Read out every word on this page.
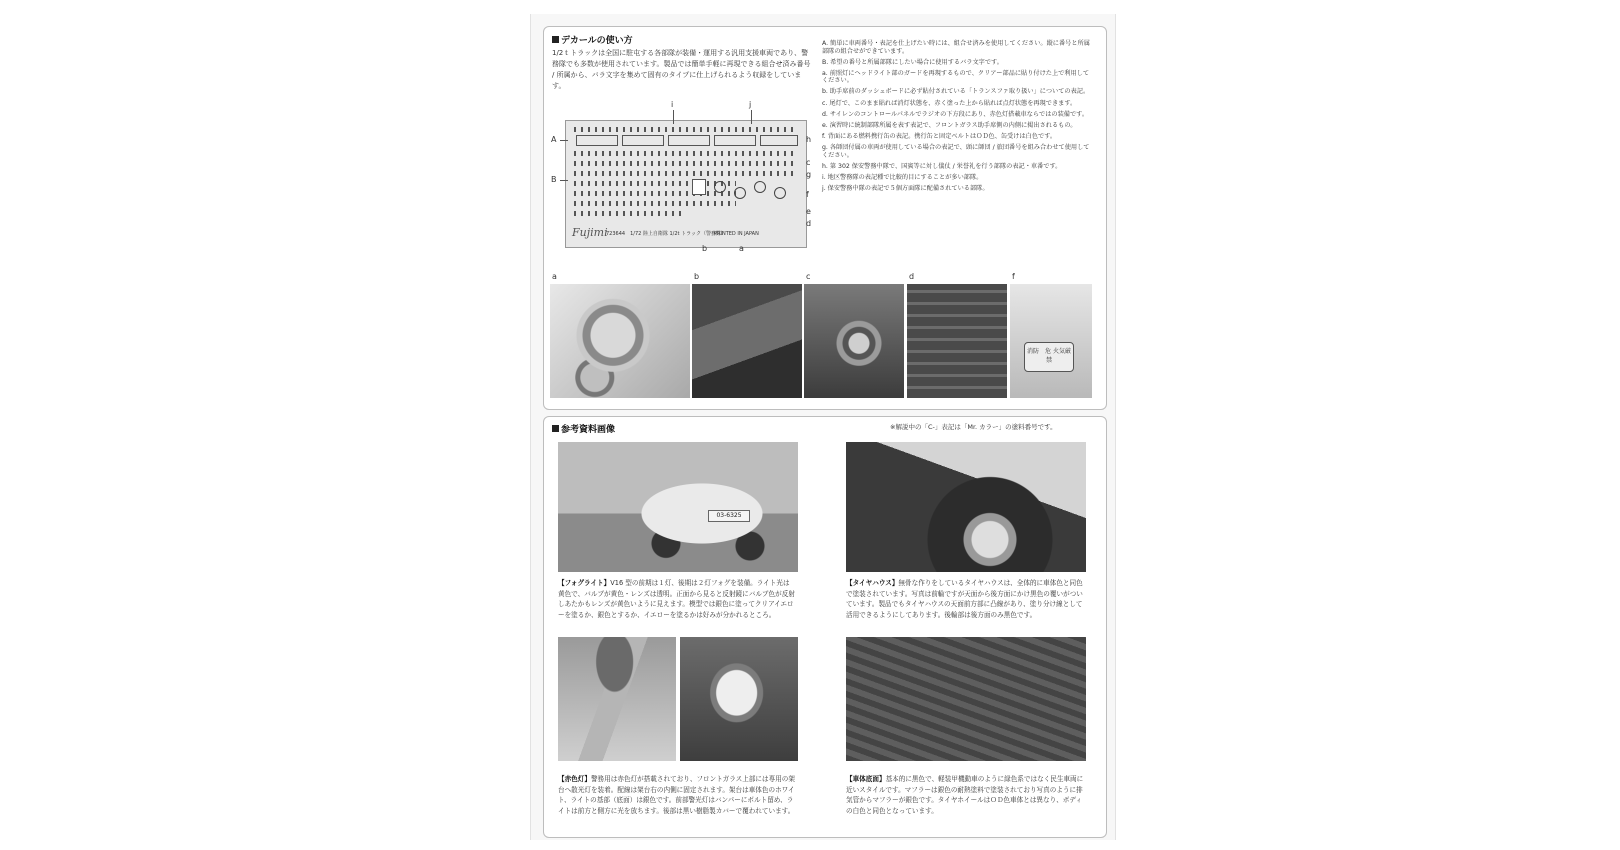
デカールの使い方
1/2ｔトラックは全国に駐屯する各部隊が装備・運用する汎用支援車両であり、警務隊でも多数が使用されています。製品では簡単手軽に再現できる組合せ済み番号 / 所属から、バラ文字を集めて固有のタイプに仕上げられるよう収録をしています。
Fujimi
723644　1/72 陸上自衛隊 1/2t トラック（警務隊）
PRINTED IN JAPAN
A
B
i	j
h
c
g
f
e
d
b	a
A. 簡単に車両番号・表記を仕上げたい時には、組合せ済みを使用してください。縦に番号と所属部隊の組合せができています。
B. 希望の番号と所属部隊にしたい場合に使用するバラ文字です。
a. 前照灯にヘッドライト部のガードを再現するもので、クリアー部品に貼り付けた上で利用してください。
b. 助手席前のダッシュボードに必ず貼付されている「トランスファ取り扱い」についての表記。
c. 尾灯で、このまま貼れば消灯状態を、赤く塗った上から貼れば点灯状態を再現できます。
d. サイレンのコントロールパネルでラジオの下方段にあり、赤色灯搭載車ならではの装備です。
e. 演習時に統制部隊所属を表す表記で、フロントガラス助手席側の内側に掲出されるもの。
f. 背面にある燃料携行缶の表記。携行缶と固定ベルトはＯＤ色、缶受けは白色です。
g. 各師団付属の車両が使用している場合の表記で、頭に師団 / 旅団番号を組み合わせて使用してください。
h. 第 302 保安警務中隊で、国賓等に対し儀仗 / 栄誉礼を行う部隊の表記・車番です。
i. 地区警務隊の表記種で比較的目にすることが多い部隊。
j. 保安警務中隊の表記で５個方面隊に配備されている部隊。
a	b	c	d	f
消防　危 火気厳禁
参考資料画像	※解説中の「C-」表記は「Mr. カラー」の塗料番号です。
03-6325
【フォグライト】V16 型の前期は１灯、後期は２灯フォグを装備。ライト光は黄色で、バルブが黄色・レンズは透明。正面から見ると反射鏡にバルブ色が反射しあたかもレンズが黄色いように見えます。模型では銀色に塗ってクリアイエローを塗るか、銀色とするか、イエローを塗るかは好みが分かれるところ。
【タイヤハウス】無骨な作りをしているタイヤハウスは、全体的に車体色と同色で塗装されています。写真は前輪ですが天面から後方面にかけ黒色の覆いがついています。製品でもタイヤハウスの天面前方部に凸線があり、塗り分け線として活用できるようにしてあります。後輪部は後方面のみ黒色です。
【赤色灯】警務用は赤色灯が搭載されており、フロントガラス上部には専用の架台へ散光灯を装着。配線は架台右の内側に固定されます。架台は車体色のホワイト、ライトの基部（底面）は銀色です。前部警光灯はバンパーにボルト留め、ライトは前方と側方に光を放ちます。後部は黒い樹脂製カバーで覆われています。
【車体底面】基本的に黒色で、軽装甲機動車のように緑色系ではなく民生車両に近いスタイルです。マフラーは銀色の耐熱塗料で塗装されており写真のように排気管からマフラーが銀色です。タイヤホイールはＯＤ色車体とは異なり、ボディの白色と同色となっています。
